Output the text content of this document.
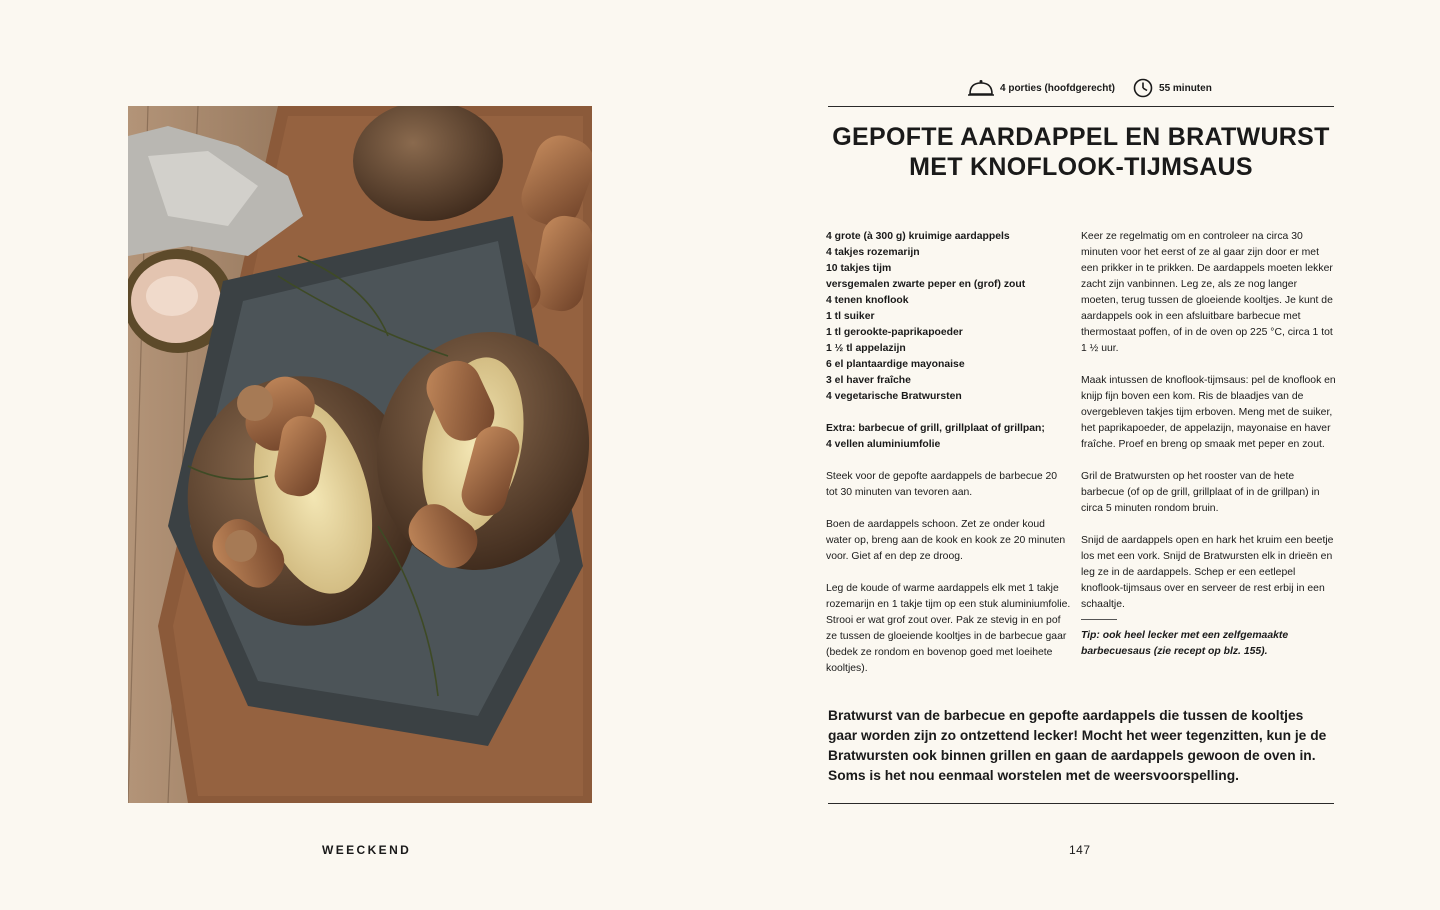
WEECKEND
4 porties (hoofdgerecht)	55 minuten
GEPOFTE AARDAPPEL EN BRATWURST
MET KNOFLOOK-TIJMSAUS
4 grote (à 300 g) kruimige aardappels
4 takjes rozemarijn
10 takjes tijm
versgemalen zwarte peper en (grof) zout
4 tenen knoflook
1 tl suiker
1 tl gerookte-paprikapoeder
1 ½ tl appelazijn
6 el plantaardige mayonaise
3 el haver fraîche
4 vegetarische Bratwursten

Extra: barbecue of grill, grillplaat of grillpan;
4 vellen aluminiumfolie

Steek voor de gepofte aardappels de barbecue 20 tot 30 minuten van tevoren aan.

Boen de aardappels schoon. Zet ze onder koud water op, breng aan de kook en kook ze 20 minuten voor. Giet af en dep ze droog.

Leg de koude of warme aardappels elk met 1 takje rozemarijn en 1 takje tijm op een stuk aluminiumfolie. Strooi er wat grof zout over. Pak ze stevig in en pof ze tussen de gloeiende kooltjes in de barbecue gaar (bedek ze rondom en bovenop goed met loeihete kooltjes).

Keer ze regelmatig om en controleer na circa 30 minuten voor het eerst of ze al gaar zijn door er met een prikker in te prikken. De aardappels moeten lekker zacht zijn vanbinnen. Leg ze, als ze nog langer moeten, terug tussen de gloeiende kooltjes. Je kunt de aardappels ook in een afsluitbare barbecue met thermostaat poffen, of in de oven op 225 °C, circa 1 tot 1 ½ uur.

Maak intussen de knoflook-tijmsaus: pel de knoflook en knijp fijn boven een kom. Ris de blaadjes van de overgebleven takjes tijm erboven. Meng met de suiker, het paprikapoeder, de appelazijn, mayonaise en haver fraîche. Proef en breng op smaak met peper en zout.

Gril de Bratwursten op het rooster van de hete barbecue (of op de grill, grillplaat of in de grillpan) in circa 5 minuten rondom bruin.

Snijd de aardappels open en hark het kruim een beetje los met een vork. Snijd de Bratwursten elk in drieën en leg ze in de aardappels. Schep er een eetlepel knoflook-tijmsaus over en serveer de rest erbij in een schaaltje.

Tip: ook heel lecker met een zelfgemaakte barbecuesaus (zie recept op blz. 155).

Bratwurst van de barbecue en gepofte aardappels die tussen de kooltjes gaar worden zijn zo ontzettend lecker! Mocht het weer tegenzitten, kun je de Bratwursten ook binnen grillen en gaan de aardappels gewoon de oven in. Soms is het nou eenmaal worstelen met de weersvoorspelling.

147
